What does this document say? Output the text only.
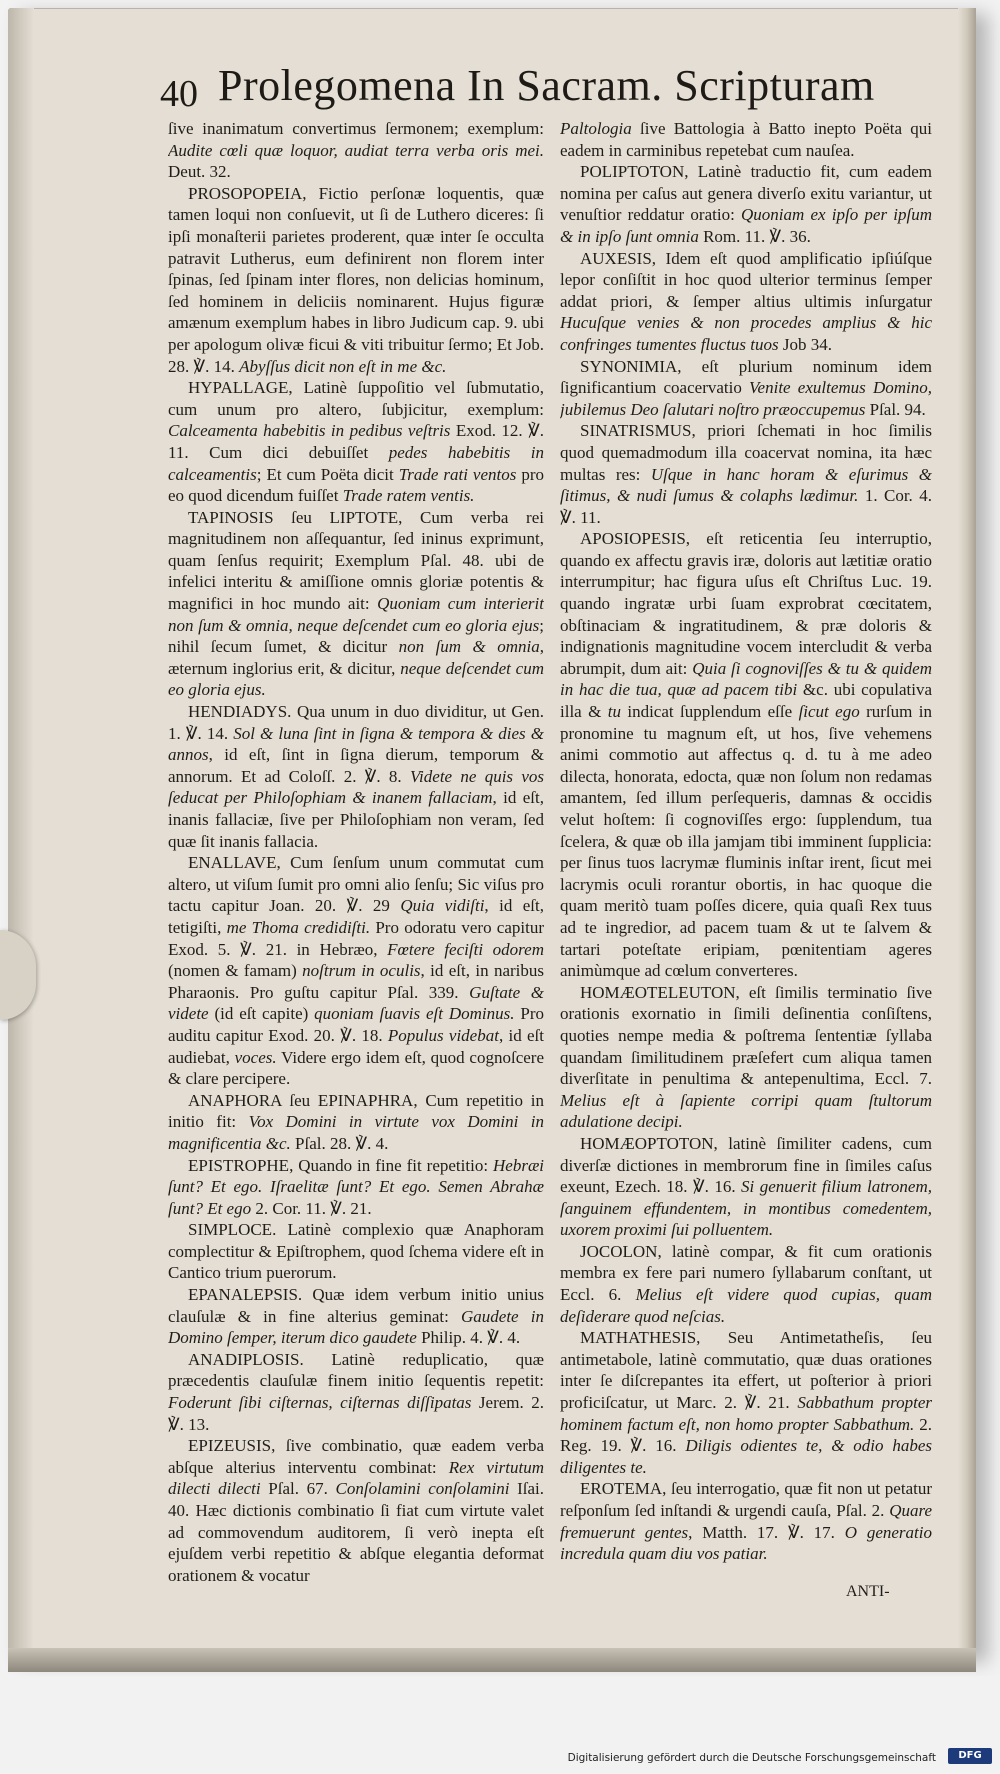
40 Prolegomena In Sacram. Scripturam

ſive inanimatum convertimus ſermonem; exemplum: Audite cœli quæ loquor, audiat terra verba oris mei. Deut. 32.

PROSOPOPEIA, Fictio perſonæ loquentis, quæ tamen loqui non conſuevit, ut ſi de Luthero diceres: ſi ipſi monaſterii parietes proderent, quæ inter ſe occulta patravit Lutherus, eum definirent non florem inter ſpinas, ſed ſpinam inter flores, non delicias hominum, ſed hominem in deliciis nominarent. Hujus figuræ amænum exemplum habes in libro Judicum cap. 9. ubi per apologum olivæ ficui & viti tribuitur ſermo; Et Job. 28. ℣. 14. Abyſſus dicit non eſt in me &c.

HYPALLAGE, Latinè ſuppoſitio vel ſubmutatio, cum unum pro altero, ſubjicitur, exemplum: Calceamenta habebitis in pedibus veſtris Exod. 12. ℣. 11. Cum dici debuiſſet pedes habebitis in calceamentis; Et cum Poëta dicit Trade rati ventos pro eo quod dicendum fuiſſet Trade ratem ventis.

TAPINOSIS ſeu LIPTOTE, Cum verba rei magnitudinem non aſſequantur, ſed ininus exprimunt, quam ſenſus requirit; Exemplum Pſal. 48. ubi de infelici interitu & amiſſione omnis gloriæ potentis & magnifici in hoc mundo ait: Quoniam cum interierit non ſum & omnia, neque deſcendet cum eo gloria ejus; nihil ſecum ſumet, & dicitur non ſum & omnia, æternum inglorius erit, & dicitur, neque deſcendet cum eo gloria ejus.

HENDIADYS. Qua unum in duo dividitur, ut Gen. 1. ℣. 14. Sol & luna ſint in ſigna & tempora & dies & annos, id eſt, ſint in ſigna dierum, temporum & annorum. Et ad Coloſſ. 2. ℣. 8. Videte ne quis vos ſeducat per Philoſophiam & inanem fallaciam, id eſt, inanis fallaciæ, ſive per Philoſophiam non veram, ſed quæ ſit inanis fallacia.

ENALLAVE, Cum ſenſum unum commutat cum altero, ut viſum ſumit pro omni alio ſenſu; Sic viſus pro tactu capitur Joan. 20. ℣. 29 Quia vidiſti, id eſt, tetigiſti, me Thoma credidiſti. Pro odoratu vero capitur Exod. 5. ℣. 21. in Hebræo, Fœtere feciſti odorem (nomen & famam) noſtrum in oculis, id eſt, in naribus Pharaonis. Pro guſtu capitur Pſal. 339. Guſtate & videte (id eſt capite) quoniam ſuavis eſt Dominus. Pro auditu capitur Exod. 20. ℣. 18. Populus videbat, id eſt audiebat, voces. Videre ergo idem eſt, quod cognoſcere & clare percipere.

ANAPHORA ſeu EPINAPHRA, Cum repetitio in initio fit: Vox Domini in virtute vox Domini in magnificentia &c. Pſal. 28. ℣. 4.

EPISTROPHE, Quando in fine fit repetitio: Hebræi ſunt? Et ego. Iſraelitæ ſunt? Et ego. Semen Abrahæ ſunt? Et ego 2. Cor. 11. ℣. 21.

SIMPLOCE. Latinè complexio quæ Anaphoram complectitur & Epiſtrophem, quod ſchema videre eſt in Cantico trium puerorum.

EPANALEPSIS. Quæ idem verbum initio unius clauſulæ & in fine alterius geminat: Gaudete in Domino ſemper, iterum dico gaudete Philip. 4. ℣. 4.

ANADIPLOSIS. Latinè reduplicatio, quæ præcedentis clauſulæ finem initio ſequentis repetit: Foderunt ſibi ciſternas, ciſternas diſſipatas Jerem. 2. ℣. 13.

EPIZEUSIS, ſive combinatio, quæ eadem verba abſque alterius interventu combinat: Rex virtutum dilecti dilecti Pſal. 67. Conſolamini conſolamini Iſai. 40. Hæc dictionis combinatio ſi fiat cum virtute valet ad commovendum auditorem, ſi verò inepta eſt ejuſdem verbi repetitio & abſque elegantia deformat orationem & vocatur

Paltologia ſive Battologia à Batto inepto Poëta qui eadem in carminibus repetebat cum nauſea.

POLIPTOTON, Latinè traductio fit, cum eadem nomina per caſus aut genera diverſo exitu variantur, ut venuſtior reddatur oratio: Quoniam ex ipſo per ipſum & in ipſo ſunt omnia Rom. 11. ℣. 36.

AUXESIS, Idem eſt quod amplificatio ipſiúſque lepor conſiſtit in hoc quod ulterior terminus ſemper addat priori, & ſemper altius ultimis inſurgatur Hucuſque venies & non procedes amplius & hic confringes tumentes fluctus tuos Job 34.

SYNONIMIA, eſt plurium nominum idem ſignificantium coacervatio Venite exultemus Domino, jubilemus Deo ſalutari noſtro præoccupemus Pſal. 94.

SINATRISMUS, priori ſchemati in hoc ſimilis quod quemadmodum illa coacervat nomina, ita hæc multas res: Uſque in hanc horam & eſurimus & ſitimus, & nudi ſumus & colaphs lædimur. 1. Cor. 4. ℣. 11.

APOSIOPESIS, eſt reticentia ſeu interruptio, quando ex affectu gravis iræ, doloris aut lætitiæ oratio interrumpitur; hac figura uſus eſt Chriſtus Luc. 19. quando ingratæ urbi ſuam exprobrat cœcitatem, obſtinaciam & ingratitudinem, & præ doloris & indignationis magnitudine vocem intercludit & verba abrumpit, dum ait: Quia ſi cognoviſſes & tu & quidem in hac die tua, quæ ad pacem tibi &c. ubi copulativa illa & tu indicat ſupplendum eſſe ſicut ego rurſum in pronomine tu magnum eſt, ut hos, ſive vehemens animi commotio aut affectus q. d. tu à me adeo dilecta, honorata, edocta, quæ non ſolum non redamas amantem, ſed illum perſequeris, damnas & occidis velut hoſtem: ſi cognoviſſes ergo: ſupplendum, tua ſcelera, & quæ ob illa jamjam tibi imminent ſupplicia: per ſinus tuos lacrymæ fluminis inſtar irent, ſicut mei lacrymis oculi rorantur obortis, in hac quoque die quam meritò tuam poſſes dicere, quia quaſi Rex tuus ad te ingredior, ad pacem tuam & ut te ſalvem & tartari poteſtate eripiam, pœnitentiam ageres animùmque ad cœlum converteres.

HOMÆOTELEUTON, eſt ſimilis terminatio ſive orationis exornatio in ſimili deſinentia conſiſtens, quoties nempe media & poſtrema ſententiæ ſyllaba quandam ſimilitudinem præſefert cum aliqua tamen diverſitate in penultima & antepenultima, Eccl. 7. Melius eſt à ſapiente corripi quam ſtultorum adulatione decipi.

HOMÆOPTOTON, latinè ſimiliter cadens, cum diverſæ dictiones in membrorum fine in ſimiles caſus exeunt, Ezech. 18. ℣. 16. Si genuerit filium latronem, ſanguinem effundentem, in montibus comedentem, uxorem proximi ſui polluentem.

JOCOLON, latinè compar, & fit cum orationis membra ex fere pari numero ſyllabarum conſtant, ut Eccl. 6. Melius eſt videre quod cupias, quam deſiderare quod neſcias.

MATHATHESIS, Seu Antimetatheſis, ſeu antimetabole, latinè commutatio, quæ duas orationes inter ſe diſcrepantes ita effert, ut poſterior à priori proficiſcatur, ut Marc. 2. ℣. 21. Sabbathum propter hominem factum eſt, non homo propter Sabbathum. 2. Reg. 19. ℣. 16. Diligis odientes te, & odio habes diligentes te.

EROTEMA, ſeu interrogatio, quæ fit non ut petatur reſponſum ſed inſtandi & urgendi cauſa, Pſal. 2. Quare fremuerunt gentes, Matth. 17. ℣. 17. O generatio incredula quam diu vos patiar.

ANTI-
Digitalisierung gefördert durch die Deutsche Forschungsgemeinschaft	DFG
